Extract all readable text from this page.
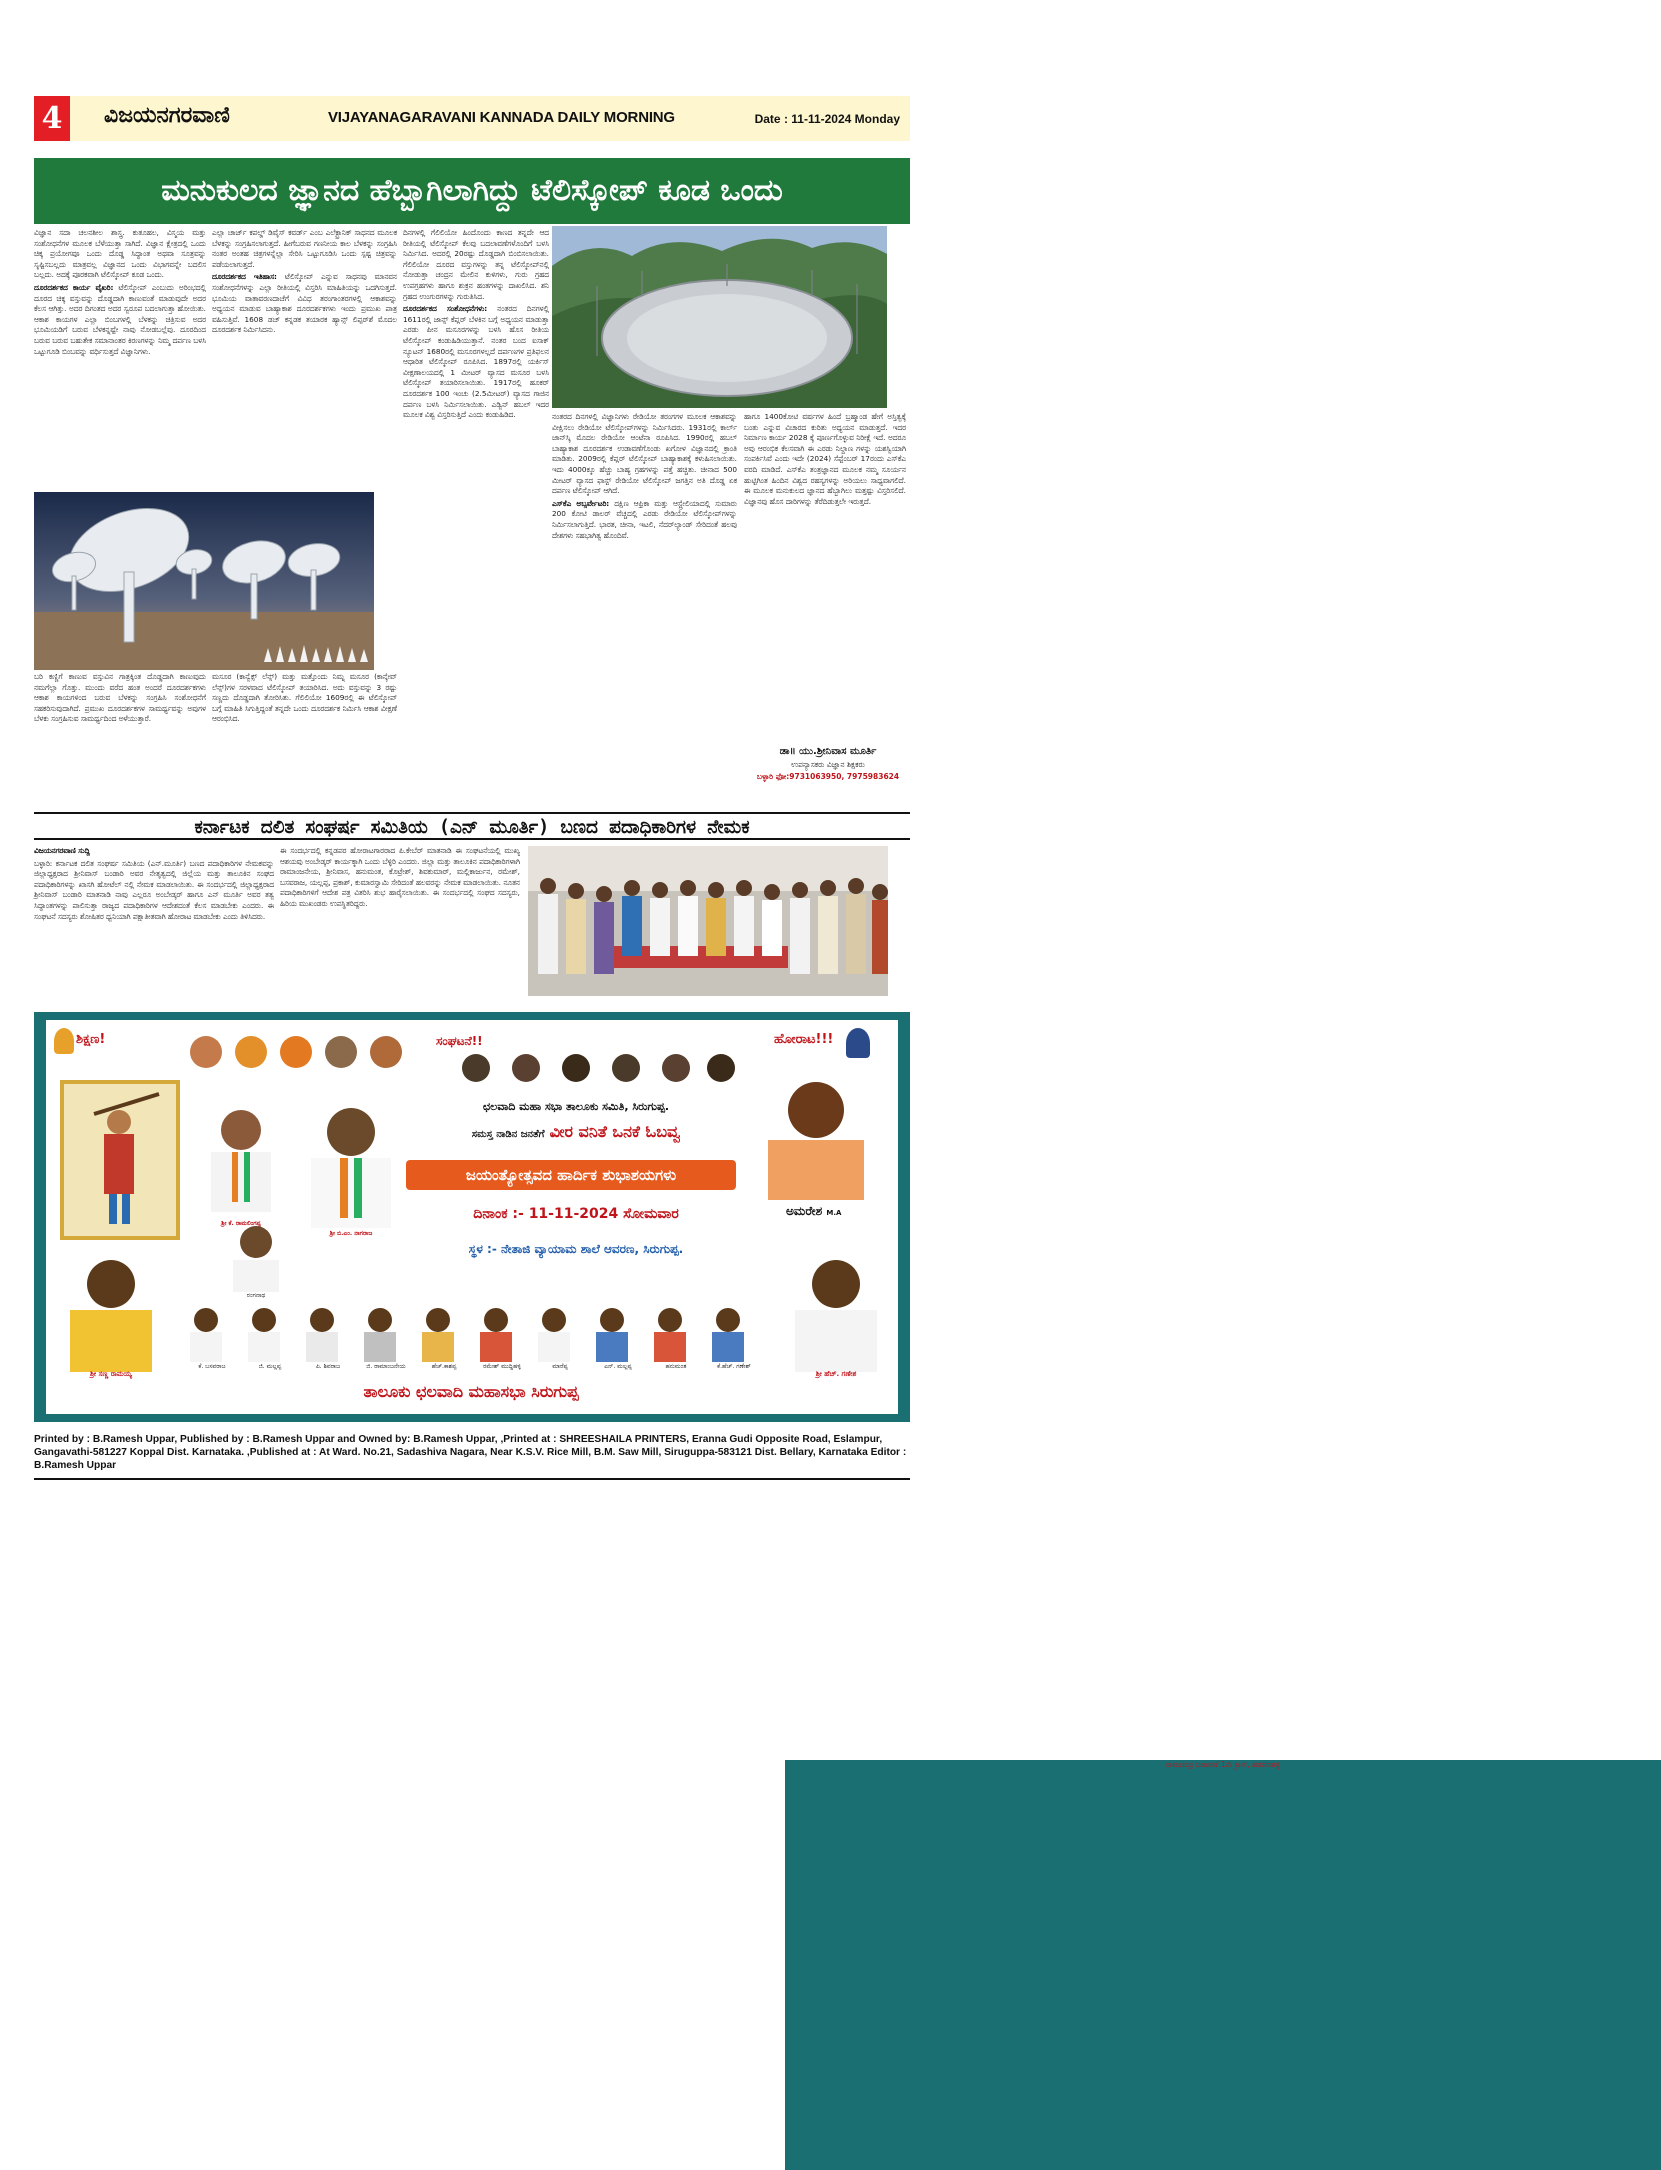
4	ವಿಜಯನಗರವಾಣಿ	VIJAYANAGARAVANI KANNADA DAILY MORNING	Date : 11-11-2024 Monday
ಮನುಕುಲದ ಜ್ಞಾನದ ಹೆಬ್ಬಾಗಿಲಾಗಿದ್ದು ಟೆಲಿಸ್ಕೋಪ್ ಕೂಡ ಒಂದು

ವಿಜ್ಞಾನ ಸದಾ ಚಲನಶೀಲ ಶಾಸ್ತ್ರ. ಕುತೂಹಲ, ವಿಸ್ಮಯ ಮತ್ತು ಸಂಶೋಧನೆಗಳ ಮೂಲಕ ಬೆಳೆಯುತ್ತಾ ಸಾಗಿದೆ. ವಿಜ್ಞಾನ ಕ್ಷೇತ್ರದಲ್ಲಿ ಒಂದು ಚಿಕ್ಕ ಪ್ರಯೋಗವೂ ಒಂದು ದೊಡ್ಡ ಸಿದ್ಧಾಂತ ಅಥವಾ ಸೂತ್ರವನ್ನು ಸೃಷ್ಟಿಸಬಲ್ಲದು ಮಾತ್ರವಲ್ಲ ವಿಜ್ಞಾನದ ಒಂದು ವಿಭಾಗವನ್ನೇ ಬದಲಿಸ ಬಲ್ಲದು. ಅದಕ್ಕೆ ಪೂರಕವಾಗಿ ಟೆಲಿಸ್ಕೋಪ್ ಕೂಡ ಒಂದು.

ದೂರದರ್ಶಕದ ಕಾರ್ಯ ವೈಖರಿ: ಟೆಲಿಸ್ಕೋಪ್ ಎಂಬುದು ಅರಿಂಭದಲ್ಲಿ ದೂರದ ಚಿಕ್ಕ ವಸ್ತುವನ್ನು ದೊಡ್ಡದಾಗಿ ಕಾಣುವಂತೆ ಮಾಡುವುದೇ ಅದರ ಕೆಲಸ ಆಗಿತ್ತು. ಅದರ ದಿಗಂತದ ಅದರ ಸ್ವರೂಪ ಬದಲಾಗುತ್ತಾ ಹೋಯಿತು. ಆಕಾಶ ಕಾಯಗಳ ಎಲ್ಲಾ ಬಿಂಬಗಳಲ್ಲಿ ಬೆಳಕನ್ನು ಚಿತ್ರಿಸುವ ಅದರ ಭೂಮಿಯಡಿಗೆ ಬರುವ ಬೆಳಕನ್ನಷ್ಟೇ ನಾವು ನೋಡಬಲ್ಲೆವು. ದೂರದಿಂದ ಬರುವ ಬರುವ ಬಹುತೇಕ ಸಮಾನಾಂತರ ಕಿರಣಗಳನ್ನು ನಿಮ್ಮ ದರ್ಪಣ ಬಳಸಿ ಒಟ್ಟುಗೂಡಿ ಬಿಂಬವನ್ನು ವರ್ಧಿಸುತ್ತದೆ ವಿಜ್ಞಾನಿಗಳು.

ಎಲ್ಲಾ ಚಾರ್ಜ್ ಕಪಲ್ಡ್ ಡಿವೈಸ್ ಕವರ್ಡ್ ಎಂಬ ಎಲೆಕ್ಟ್ರಾನಿಕ್ ಸಾಧನದ ಮೂಲಕ ಬೆಳಕನ್ನು ಸಂಗ್ರಹಿಸಲಾಗುತ್ತದೆ. ಹೀಗೆಬರುವ ಗಣನೀಯ ಕಾಲ ಬೆಳಕನ್ನು ಸಂಗ್ರಹಿಸಿ ನಂತರ ಅಂತಹ ಚಿತ್ರಗಳನ್ನೆಲ್ಲಾ ಸೇರಿಸಿ ಒಟ್ಟುಗೂಡಿಸಿ ಒಂದು ಸ್ಪಷ್ಟ ಚಿತ್ರವನ್ನು ಪಡೆಯಲಾಗುತ್ತದೆ.

ದೂರದರ್ಶಕದ ಇತಿಹಾಸ: ಟೆಲಿಸ್ಕೋಪ್ ಎನ್ನುವ ಸಾಧನವು ಮಾನವನ ಸಂಶೋಧನೆಗಳನ್ನು ಎಲ್ಲಾ ರೀತಿಯಲ್ಲಿ ವಿಸ್ತರಿಸಿ ಮಾಹಿತಿಯನ್ನು ಒದಗಿಸುತ್ತದೆ. ಭೂಮಿಯ ವಾತಾವರಣದಾಚೆಗೆ ವಿವಿಧ ತರಂಗಾಂತರಗಳಲ್ಲಿ ಆಕಾಶವನ್ನು ಅಧ್ಯಯನ ಮಾಡುವ ಬಾಹ್ಯಾಕಾಶ ದೂರದರ್ಶಕಗಳು ಇಂದು ಪ್ರಮುಖ ಪಾತ್ರ ವಹಿಸುತ್ತಿವೆ. 1608 ಡಚ್ ಕನ್ನಡಕ ತಯಾರಕ ಹ್ಯಾನ್ಸ್ ಲಿಪ್ಪರ್‌ಶೆ ಮೊದಲ ದೂರದರ್ಶಕ ನಿರ್ಮಿಸಿದನು.

ಬರಿ ಕಣ್ಣಿಗೆ ಕಾಣುವ ವಸ್ತುವಿನ ಗಾತ್ರಕ್ಕಿಂತ ದೊಡ್ಡದಾಗಿ ಕಾಣುವುದು ನಮಗೆಲ್ಲಾ ಗೊತ್ತು. ಮುಂದು ವರೆದ ಹಂತ ಅಂದರೆ ದೂರದರ್ಶಕಗಳು ಆಕಾಶ ಕಾಯಗಳಿಂದ ಬರುವ ಬೆಳಕನ್ನು ಸಂಗ್ರಹಿಸಿ ಸಂಶೋಧನೆಗೆ ಸಹಕರಿಸುವುದಾಗಿದೆ. ಪ್ರಮುಖ ದೂರದರ್ಶಕಗಳ ಸಾಮರ್ಥ್ಯವನ್ನು ಅವುಗಳ ಬೆಳಕು ಸಂಗ್ರಹಿಸುವ ಸಾಮರ್ಥ್ಯದಿಂದ ಅಳೆಯುತ್ತಾರೆ.
ಮಸೂರ (ಕಾನ್ವೆಕ್ಸ್ ಲೆನ್ಸ್) ಮತ್ತು ಮತ್ತೊಂದು ನಿಮ್ನ ಮಸೂರ (ಕಾನ್ಕೇವ್ ಲೆನ್ಸ್)ಗಳ ಸರಳವಾದ ಟೆಲಿಸ್ಕೋಪ್ ತಯಾರಿಸಿದ. ಅದು ವಸ್ತುವನ್ನು 3 ರಷ್ಟು ಸಣ್ಣದು ದೊಡ್ಡದಾಗಿ ತೋರಿಸಿತು. ಗೆಲಿಲಿಯೋ 1609ರಲ್ಲಿ ಈ ಟೆಲಿಸ್ಕೋಪ್ ಬಗ್ಗೆ ಮಾಹಿತಿ ಸಿಗುತ್ತಿದ್ದಂತೆ ತನ್ನದೇ ಒಂದು ದೂರದರ್ಶಕ ನಿರ್ಮಿಸಿ ಆಕಾಶ ವೀಕ್ಷಣೆ ಆರಂಭಿಸಿದ.

ದಿನಗಳಲ್ಲಿ ಗೆಲಿಲಿಯೋ ಹಿಂದೊಂದು ಕಾಣದ ತನ್ನದೇ ಆದ ರೀತಿಯಲ್ಲಿ ಟೆಲಿಸ್ಕೋಪ್ ಕೆಲವು ಬದಲಾವಣೆಗಳೊಂದಿಗೆ ಬಳಸಿ ನಿರ್ಮಿಸಿದ. ಅದರಲ್ಲಿ 20ರಷ್ಟು ದೊಡ್ಡದಾಗಿ ಬಿಂಬಿಸಲಾಯಿತು. ಗೆಲಿಲಿಯೋ ದೂರದ ವಸ್ತುಗಳನ್ನು ತನ್ನ ಟೆಲಿಸ್ಕೋಪ್‌ನಲ್ಲಿ ನೋಡುತ್ತಾ ಚಂದ್ರನ ಮೇಲಿನ ಕುಳಿಗಳು, ಗುರು ಗ್ರಹದ ಉಪಗ್ರಹಗಳು ಹಾಗೂ ಶುಕ್ರನ ಹಂತಗಳನ್ನು ದಾಖಲಿಸಿದ. ಶನಿ ಗ್ರಹದ ಉಂಗುರಗಳನ್ನು ಗುರುತಿಸಿದ.

ದೂರದರ್ಶಕದ ಸಂಶೋಧನೆಗಳು: ನಂತರದ ದಿನಗಳಲ್ಲಿ 1611ರಲ್ಲಿ ಜಾನ್ಸ್ ಕೆಪ್ಲರ್ ಬೆಳಕಿನ ಬಗ್ಗೆ ಅಧ್ಯಯನ ಮಾಡುತ್ತಾ ಎರಡು ಪೀನ ಮಸೂರಗಳನ್ನು ಬಳಸಿ ಹೊಸ ರೀತಿಯ ಟೆಲಿಸ್ಕೋಪ್ ಕಂಡುಹಿಡಿಯುತ್ತಾನೆ. ನಂತರ ಬಂದ ಐಸಾಕ್ ನ್ಯೂಟನ್ 1680ರಲ್ಲಿ ಮಸೂರಗಳಲ್ಲದೆ ದರ್ಪಣಗಳ ಪ್ರತಿಫಲನ ಆಧಾರಿತ ಟೆಲಿಸ್ಕೋಪ್ ರೂಪಿಸಿದ. 1897ರಲ್ಲಿ ಯರ್ಕಿಸ್ ವೀಕ್ಷಣಾಲಯದಲ್ಲಿ 1 ಮೀಟರ್ ವ್ಯಾಸದ ಮಸೂರ ಬಳಸಿ ಟೆಲಿಸ್ಕೋಪ್ ತಯಾರಿಸಲಾಯಿತು. 1917ರಲ್ಲಿ ಹೂಕರ್ ದೂರದರ್ಶಕ 100 ಇಂಚು (2.5ಮೀಟರ್) ವ್ಯಾಸದ ಗಾಜಿನ ದರ್ಪಣ ಬಳಸಿ ನಿರ್ಮಿಸಲಾಯಿತು. ಎಡ್ವಿನ್ ಹಬಲ್ ಇದರ ಮೂಲಕ ವಿಶ್ವ ವಿಸ್ತರಿಸುತ್ತಿದೆ ಎಂದು ಕಂಡುಹಿಡಿದ.	ನಂತರದ ದಿನಗಳಲ್ಲಿ ವಿಜ್ಞಾನಿಗಳು ರೇಡಿಯೋ ತರಂಗಗಳ ಮೂಲಕ ಆಕಾಶವನ್ನು ವೀಕ್ಷಿಸಲು ರೇಡಿಯೋ ಟೆಲಿಸ್ಕೋಪ್‌ಗಳನ್ನು ನಿರ್ಮಿಸಿದರು. 1931ರಲ್ಲಿ ಕಾರ್ಲ್ ಜಾನ್‌ಸ್ಕಿ ಮೊದಲ ರೇಡಿಯೋ ಆಂಟೆನಾ ರೂಪಿಸಿದ. 1990ರಲ್ಲಿ ಹಬಲ್ ಬಾಹ್ಯಾಕಾಶ ದೂರದರ್ಶಕ ಉಡಾವಣೆಗೊಂಡು ಖಗೋಳ ವಿಜ್ಞಾನದಲ್ಲಿ ಕ್ರಾಂತಿ ಮಾಡಿತು. 2009ರಲ್ಲಿ ಕೆಪ್ಲರ್ ಟೆಲಿಸ್ಕೋಪ್ ಬಾಹ್ಯಾಕಾಶಕ್ಕೆ ಕಳುಹಿಸಲಾಯಿತು. ಇದು 4000ಕ್ಕೂ ಹೆಚ್ಚು ಬಾಹ್ಯ ಗ್ರಹಗಳನ್ನು ಪತ್ತೆ ಹಚ್ಚಿತು. ಚೀನಾದ 500 ಮೀಟರ್ ವ್ಯಾಸದ ಫಾಸ್ಟ್ ರೇಡಿಯೋ ಟೆಲಿಸ್ಕೋಪ್ ಜಗತ್ತಿನ ಅತಿ ದೊಡ್ಡ ಏಕ ದರ್ಪಣ ಟೆಲಿಸ್ಕೋಪ್ ಆಗಿದೆ.

ಎಸ್‌ಕೆಎ ಅಬ್ಸರ್ವೇಟರಿ: ದಕ್ಷಿಣ ಆಫ್ರಿಕಾ ಮತ್ತು ಆಸ್ಟ್ರೇಲಿಯಾದಲ್ಲಿ ಸುಮಾರು 200 ಕೋಟಿ ಡಾಲರ್ ವೆಚ್ಚದಲ್ಲಿ ಎರಡು ರೇಡಿಯೋ ಟೆಲಿಸ್ಕೋಪ್‌ಗಳನ್ನು ನಿರ್ಮಿಸಲಾಗುತ್ತಿದೆ. ಭಾರತ, ಚೀನಾ, ಇಟಲಿ, ನೆದರ್‌ಲ್ಯಾಂಡ್ ಸೇರಿದಂತೆ ಹಲವು ದೇಶಗಳು ಸಹಭಾಗಿತ್ವ ಹೊಂದಿವೆ.

ಹಾಗೂ 1400ಕೋಟಿ ವರ್ಷಗಳ ಹಿಂದೆ ಬ್ರಹ್ಮಾಂಡ ಹೇಗೆ ಅಸ್ತಿತ್ವಕ್ಕೆ ಬಂತು ಎನ್ನುವ ವಿಚಾರದ ಕುರಿತು ಅಧ್ಯಯನ ಮಾಡುತ್ತದೆ. ಇದರ ನಿರ್ಮಾಣ ಕಾರ್ಯ 2028 ಕ್ಕೆ ಪೂರ್ಣಗೊಳ್ಳುವ ನಿರೀಕ್ಷೆ ಇದೆ. ಅದರೂ ಅವು ಆರಂಭಿಕ ಕೆಲಸವಾಗಿ ಈ ಎರಡು ನಿಲ್ದಾಣ ಗಳನ್ನು ಯಶಸ್ವಿಯಾಗಿ ಸಂಪರ್ಕಿಸಿವೆ ಎಂದು ಇದೇ (2024) ಸೆಪ್ಟೆಂಬರ್ 17ರಂದು ಎಸ್‌ಕೆಎ ವರದಿ ಮಾಡಿದೆ. ಎಸ್‌ಕೆಎ ತಂತ್ರಜ್ಞಾನದ ಮೂಲಕ ನಮ್ಮ ಸೂರ್ಯನ ಹುಟ್ಟಿಗಿಂತ ಹಿಂದಿನ ವಿಶ್ವದ ರಹಸ್ಯಗಳನ್ನು ಅರಿಯಲು ಸಾಧ್ಯವಾಗಲಿದೆ. ಈ ಮೂಲಕ ಮನುಕುಲದ ಜ್ಞಾನದ ಹೆಬ್ಬಾಗಿಲು ಮತ್ತಷ್ಟು ವಿಸ್ತರಿಸಲಿದೆ. ವಿಜ್ಞಾನವು ಹೊಸ ದಾರಿಗಳನ್ನು ತೆರೆದಿಡುತ್ತಲೇ ಇರುತ್ತದೆ.
ಡಾ॥ ಯು.ಶ್ರೀನಿವಾಸ ಮೂರ್ತಿ
ಉಪನ್ಯಾಸಕರು ವಿಜ್ಞಾನ ಶಿಕ್ಷಕರು
ರಾಮಚಂದ್ರ ಬಡಾವಣೆ 1ನೇ ಕ್ರಾಸ್, ಹರಪನಹಳ್ಳಿ
ಬಳ್ಳಾರಿ ಫೋ:9731063950, 7975983624
ಕರ್ನಾಟಕ ದಲಿತ ಸಂಘರ್ಷ ಸಮಿತಿಯ (ಎನ್ ಮೂರ್ತಿ) ಬಣದ ಪದಾಧಿಕಾರಿಗಳ ನೇಮಕ

ವಿಜಯನಗರವಾಣಿ ಸುದ್ದಿ

ಬಳ್ಳಾರಿ: ಕರ್ನಾಟಕ ದಲಿತ ಸಂಘರ್ಷ ಸಮಿತಿಯ (ಎನ್.ಮೂರ್ತಿ) ಬಣದ ಪದಾಧಿಕಾರಿಗಳ ನೇಮಕವನ್ನು ಜಿಲ್ಲಾಧ್ಯಕ್ಷರಾದ ಶ್ರೀನಿವಾಸ್ ಬಂಡಾರಿ ಅವರ ನೇತೃತ್ವದಲ್ಲಿ ಜಿಲ್ಲೆಯ ಮತ್ತು ತಾಲೂಕಿನ ಸಂಘದ ಪದಾಧಿಕಾರಿಗಳನ್ನು ಖಾಸಗಿ ಹೋಟೆಲ್ ನಲ್ಲಿ ನೇಮಕ ಮಾಡಲಾಯಿತು. ಈ ಸಂದರ್ಭದಲ್ಲಿ ಜಿಲ್ಲಾಧ್ಯಕ್ಷರಾದ ಶ್ರೀನಿವಾಸ್ ಬಂಡಾರಿ ಮಾತನಾಡಿ ನಾವು ಎಲ್ಲರೂ ಅಂಬೇಡ್ಕರ್ ಹಾಗೂ ಎನ್ ಮೂರ್ತಿ ಅವರ ತತ್ವ ಸಿದ್ಧಾಂತಗಳನ್ನು ಪಾಲಿಸುತ್ತಾ ರಾಜ್ಯದ ಪದಾಧಿಕಾರಿಗಳ ಆದೇಶದಂತೆ ಕೆಲಸ ಮಾಡಬೇಕು ಎಂದರು. ಈ ಸಂಘಟನೆ ಸದಸ್ಯರು ಶೋಷಿತರ ಧ್ವನಿಯಾಗಿ ಪಕ್ಷಾತೀತವಾಗಿ ಹೋರಾಟ ಮಾಡಬೇಕು ಎಂದು ತಿಳಿಸಿದರು.

ಈ ಸಂದರ್ಭದಲ್ಲಿ ಕನ್ನಡಪರ ಹೋರಾಟಗಾರರಾದ ಪಿ.ಕೇಬೆರ್ ಮಾತನಾಡಿ ಈ ಸಂಘಟನೆಯಲ್ಲಿ ಮುಖ್ಯ ಆಶಯವು ಅಂಬೇಡ್ಕರ್ ಕಾರ್ಯಕ್ಕಾಗಿ ಒಂದು ಬೆಳ್ಳಿರಿ ಎಂದರು. ಜಿಲ್ಲಾ ಮತ್ತು ತಾಲೂಕಿನ ಪದಾಧಿಕಾರಿಗಳಾಗಿ ರಾಮಾಂಜನೇಯ, ಶ್ರೀನಿವಾಸ, ಹನುಮಂತ, ಕೊಟ್ರೇಶ್, ಶಿವಕುಮಾರ್, ಮಲ್ಲಿಕಾರ್ಜುನ, ರಮೇಶ್, ಬಸವರಾಜ, ಯಲ್ಲಪ್ಪ, ಪ್ರಕಾಶ್, ಕುಮಾರಸ್ವಾಮಿ ಸೇರಿದಂತೆ ಹಲವರನ್ನು ನೇಮಕ ಮಾಡಲಾಯಿತು. ನೂತನ ಪದಾಧಿಕಾರಿಗಳಿಗೆ ಆದೇಶ ಪತ್ರ ವಿತರಿಸಿ ಶುಭ ಹಾರೈಸಲಾಯಿತು. ಈ ಸಂದರ್ಭದಲ್ಲಿ ಸಂಘದ ಸದಸ್ಯರು, ಹಿರಿಯ ಮುಖಂಡರು ಉಪಸ್ಥಿತರಿದ್ದರು.
ಶಿಕ್ಷಣ!	ಸಂಘಟನೆ!!	ಹೋರಾಟ!!!
ಶ್ರೀ ಕೆ. ರಾಮಲಿಂಗಪ್ಪ
ಶ್ರೀ ಬಿ.ಎಂ. ನಾಗರಾಜ
ಛಲವಾದಿ ಮಹಾ ಸಭಾ ತಾಲೂಕು ಸಮಿತಿ, ಸಿರುಗುಪ್ಪ.
ಸಮಸ್ತ ನಾಡಿನ ಜನತೆಗೆ ವೀರ ವನಿತೆ ಒನಕೆ ಓಬವ್ವ
ಜಯಂತ್ಯೋತ್ಸವದ ಹಾರ್ದಿಕ ಶುಭಾಶಯಗಳು
ದಿನಾಂಕ :- 11-11-2024 ಸೋಮವಾರ
ಸ್ಥಳ :- ನೇತಾಜಿ ವ್ಯಾಯಾಮ ಶಾಲೆ ಆವರಣ, ಸಿರುಗುಪ್ಪ.
ಅಮರೇಶ M.A
ರಂಗನಾಥ
ಶ್ರೀ ಸಣ್ಣ ರಾಮಯ್ಯ	ಶ್ರೀ ಹೆಚ್. ಗಣೇಶ
ಕೆ. ಬಸವರಾಜ	ಜಿ. ಮಲ್ಲಪ್ಪ	ಪಿ. ಶಿವರಾಜ	ಜಿ. ರಾಮಾಂಜನೇಯ	ಹೆಚ್.ಕಾಶಪ್ಪ	ರಮೇಶ್ ಮುದ್ದಿಹಳ್ಳಿ	ಮಾರೆಪ್ಪ	ಎನ್. ಮಲ್ಲಪ್ಪ	ಹನುಮಂತ	ಕೆ.ಹೆಚ್. ಗಣೇಶ್
ತಾಲೂಕು ಛಲವಾದಿ ಮಹಾಸಭಾ ಸಿರುಗುಪ್ಪ
Printed by : B.Ramesh Uppar, Published by : B.Ramesh Uppar and Owned by: B.Ramesh Uppar, ,Printed at : SHREESHAILA PRINTERS, Eranna Gudi Opposite Road, Eslampur, Gangavathi-581227 Koppal Dist. Karnataka. ,Published at : At Ward. No.21, Sadashiva Nagara, Near K.S.V. Rice Mill, B.M. Saw Mill, Siruguppa-583121 Dist. Bellary, Karnataka Editor : B.Ramesh Uppar
